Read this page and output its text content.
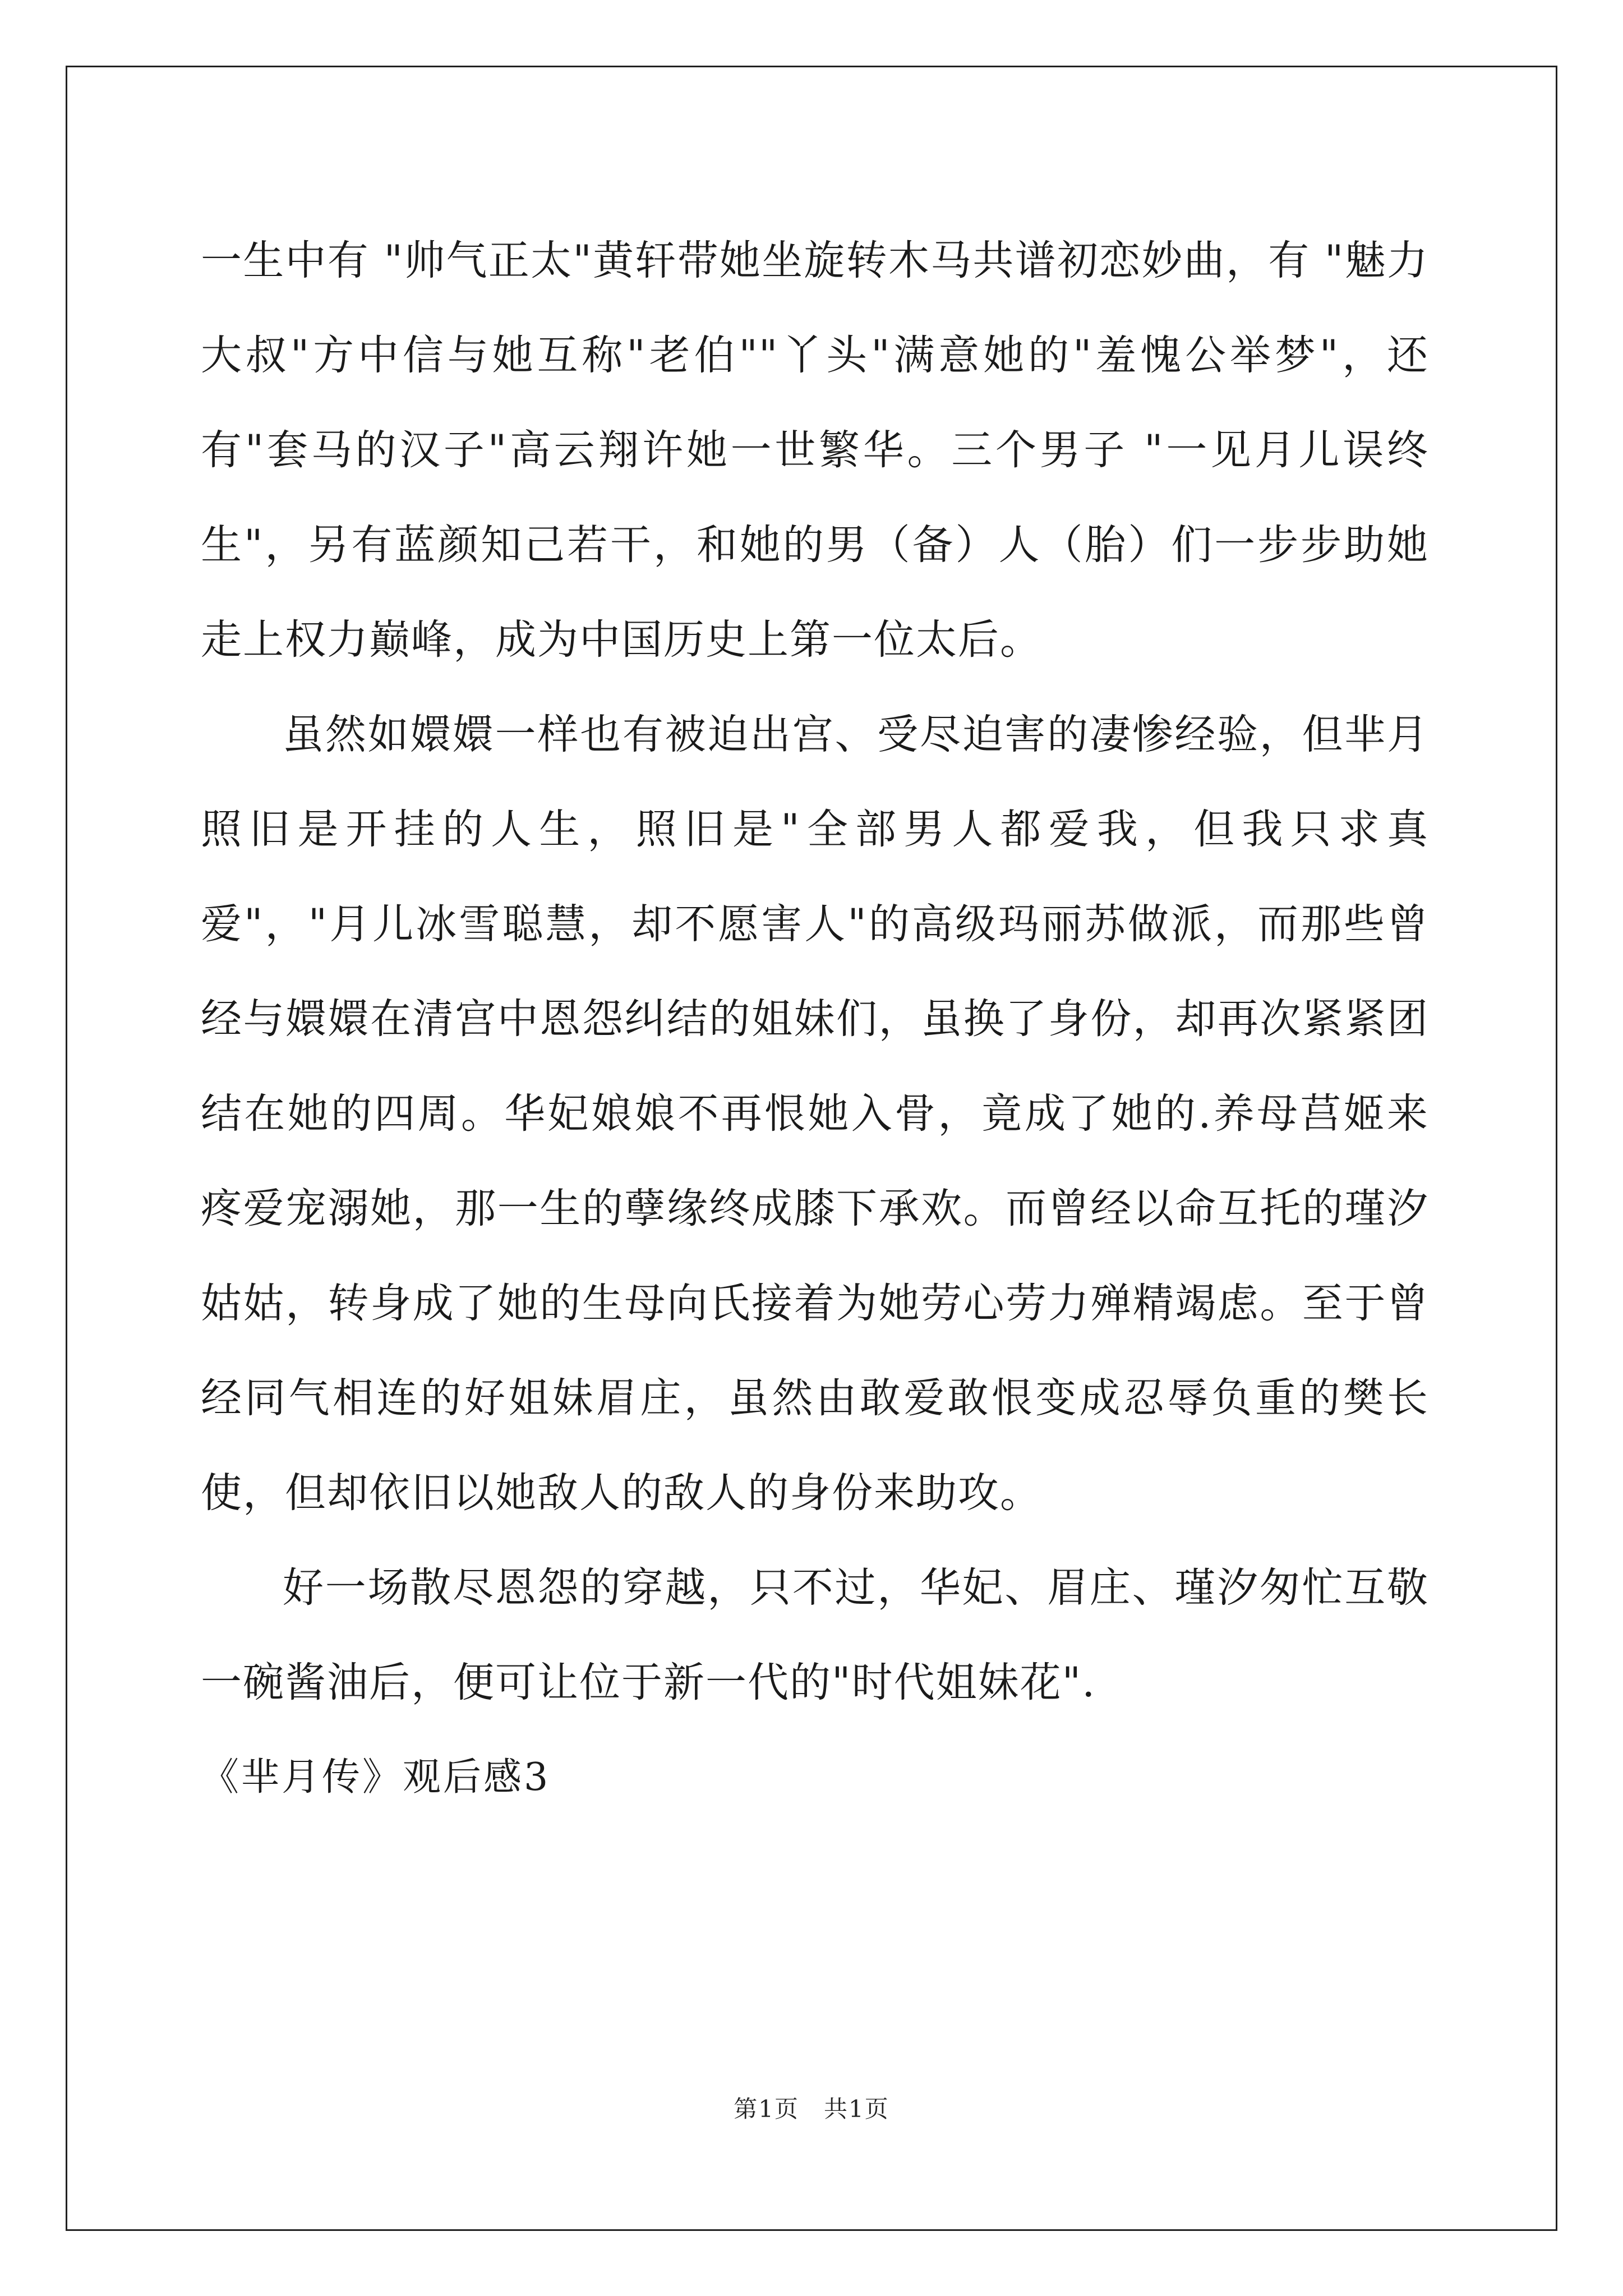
一生中有 "帅气正太"黄轩带她坐旋转木马共谱初恋妙曲，有 "魅力大叔"方中信与她互称"老伯""丫头"满意她的"羞愧公举梦"，还有"套马的汉子"高云翔许她一世繁华。三个男子 "一见月儿误终生"，另有蓝颜知己若干，和她的男（备）人（胎）们一步步助她走上权力巅峰，成为中国历史上第一位太后。

虽然如嬛嬛一样也有被迫出宫、受尽迫害的凄惨经验，但芈月照旧是开挂的人生，照旧是"全部男人都爱我，但我只求真爱"，"月儿冰雪聪慧，却不愿害人"的高级玛丽苏做派，而那些曾经与嬛嬛在清宫中恩怨纠结的姐妹们，虽换了身份，却再次紧紧团结在她的四周。华妃娘娘不再恨她入骨，竟成了她的.养母莒姬来疼爱宠溺她，那一生的孽缘终成膝下承欢。而曾经以命互托的瑾汐姑姑，转身成了她的生母向氏接着为她劳心劳力殚精竭虑。至于曾经同气相连的好姐妹眉庄，虽然由敢爱敢恨变成忍辱负重的樊长使，但却依旧以她敌人的敌人的身份来助攻。

好一场散尽恩怨的穿越，只不过，华妃、眉庄、瑾汐匆忙互敬一碗酱油后，便可让位于新一代的"时代姐妹花".

《芈月传》观后感3

第1页　共1页
